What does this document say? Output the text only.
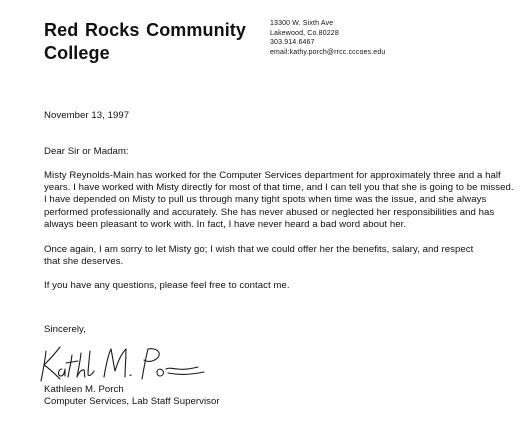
Red Rocks Community
College
13300 W. Sixth Ave
Lakewood, Co.80228
303.914.6467
email:kathy.porch@rrcc.cccoes.edu
November 13, 1997
Dear Sir or Madam:
Misty Reynolds-Main has worked for the Computer Services department for approximately three and a half
years. I have worked with Misty directly for most of that time, and I can tell you that she is going to be missed.
I have depended on Misty to pull us through many tight spots when time was the issue, and she always
performed professionally and accurately. She has never abused or neglected her responsibilities and has
always been pleasant to work with. In fact, I have never heard a bad word about her.
Once again, I am sorry to let Misty go; I wish that we could offer her the benefits, salary, and respect
that she deserves.
If you have any questions, please feel free to contact me.
Sincerely,
Kathleen M. Porch
Computer Services, Lab Staff Supervisor
